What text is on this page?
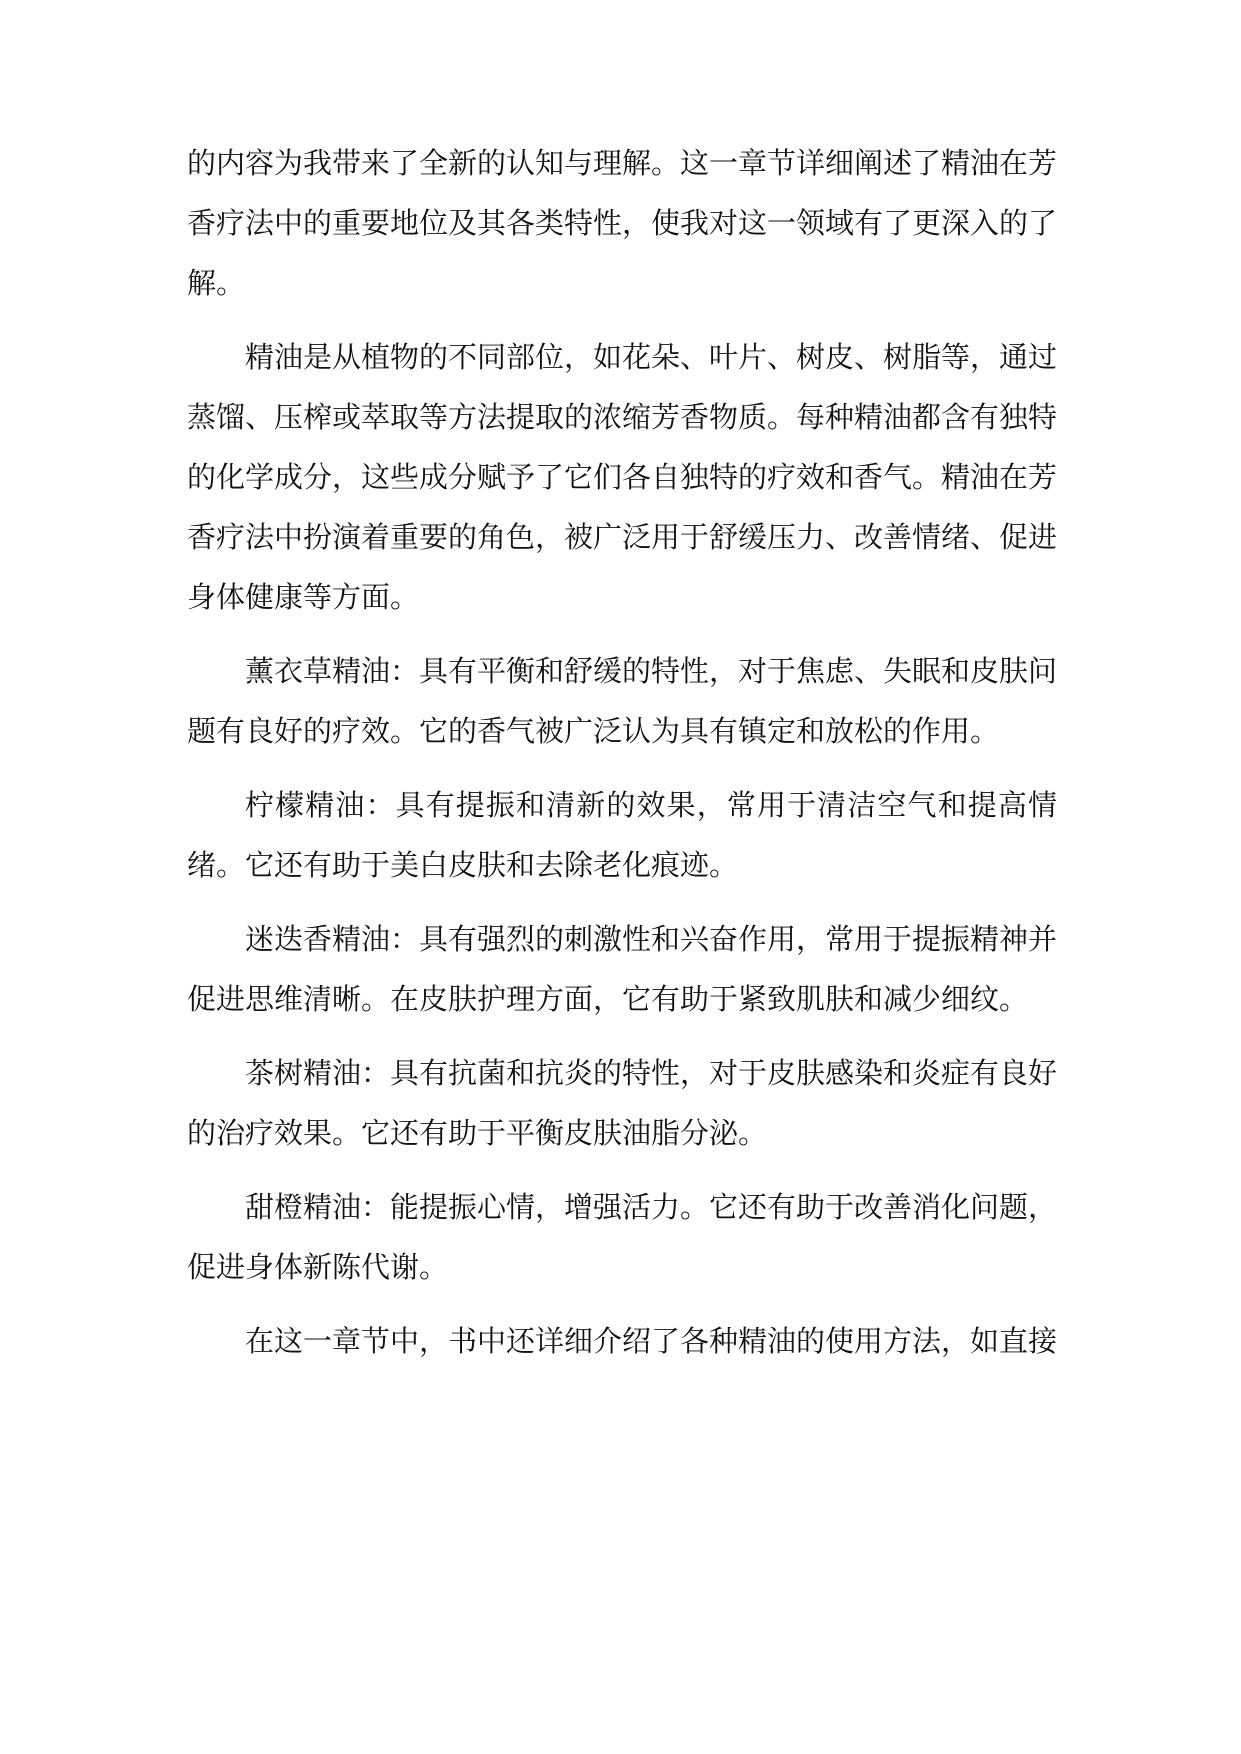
的内容为我带来了全新的认知与理解。这一章节详细阐述了精油在芳香疗法中的重要地位及其各类特性，使我对这一领域有了更深入的了解。

精油是从植物的不同部位，如花朵、叶片、树皮、树脂等，通过蒸馏、压榨或萃取等方法提取的浓缩芳香物质。每种精油都含有独特的化学成分，这些成分赋予了它们各自独特的疗效和香气。精油在芳香疗法中扮演着重要的角色，被广泛用于舒缓压力、改善情绪、促进身体健康等方面。

薰衣草精油：具有平衡和舒缓的特性，对于焦虑、失眠和皮肤问题有良好的疗效。它的香气被广泛认为具有镇定和放松的作用。

柠檬精油：具有提振和清新的效果，常用于清洁空气和提高情绪。它还有助于美白皮肤和去除老化痕迹。

迷迭香精油：具有强烈的刺激性和兴奋作用，常用于提振精神并促进思维清晰。在皮肤护理方面，它有助于紧致肌肤和减少细纹。

茶树精油：具有抗菌和抗炎的特性，对于皮肤感染和炎症有良好的治疗效果。它还有助于平衡皮肤油脂分泌。

甜橙精油：能提振心情，增强活力。它还有助于改善消化问题，促进身体新陈代谢。

在这一章节中，书中还详细介绍了各种精油的使用方法，如直接
